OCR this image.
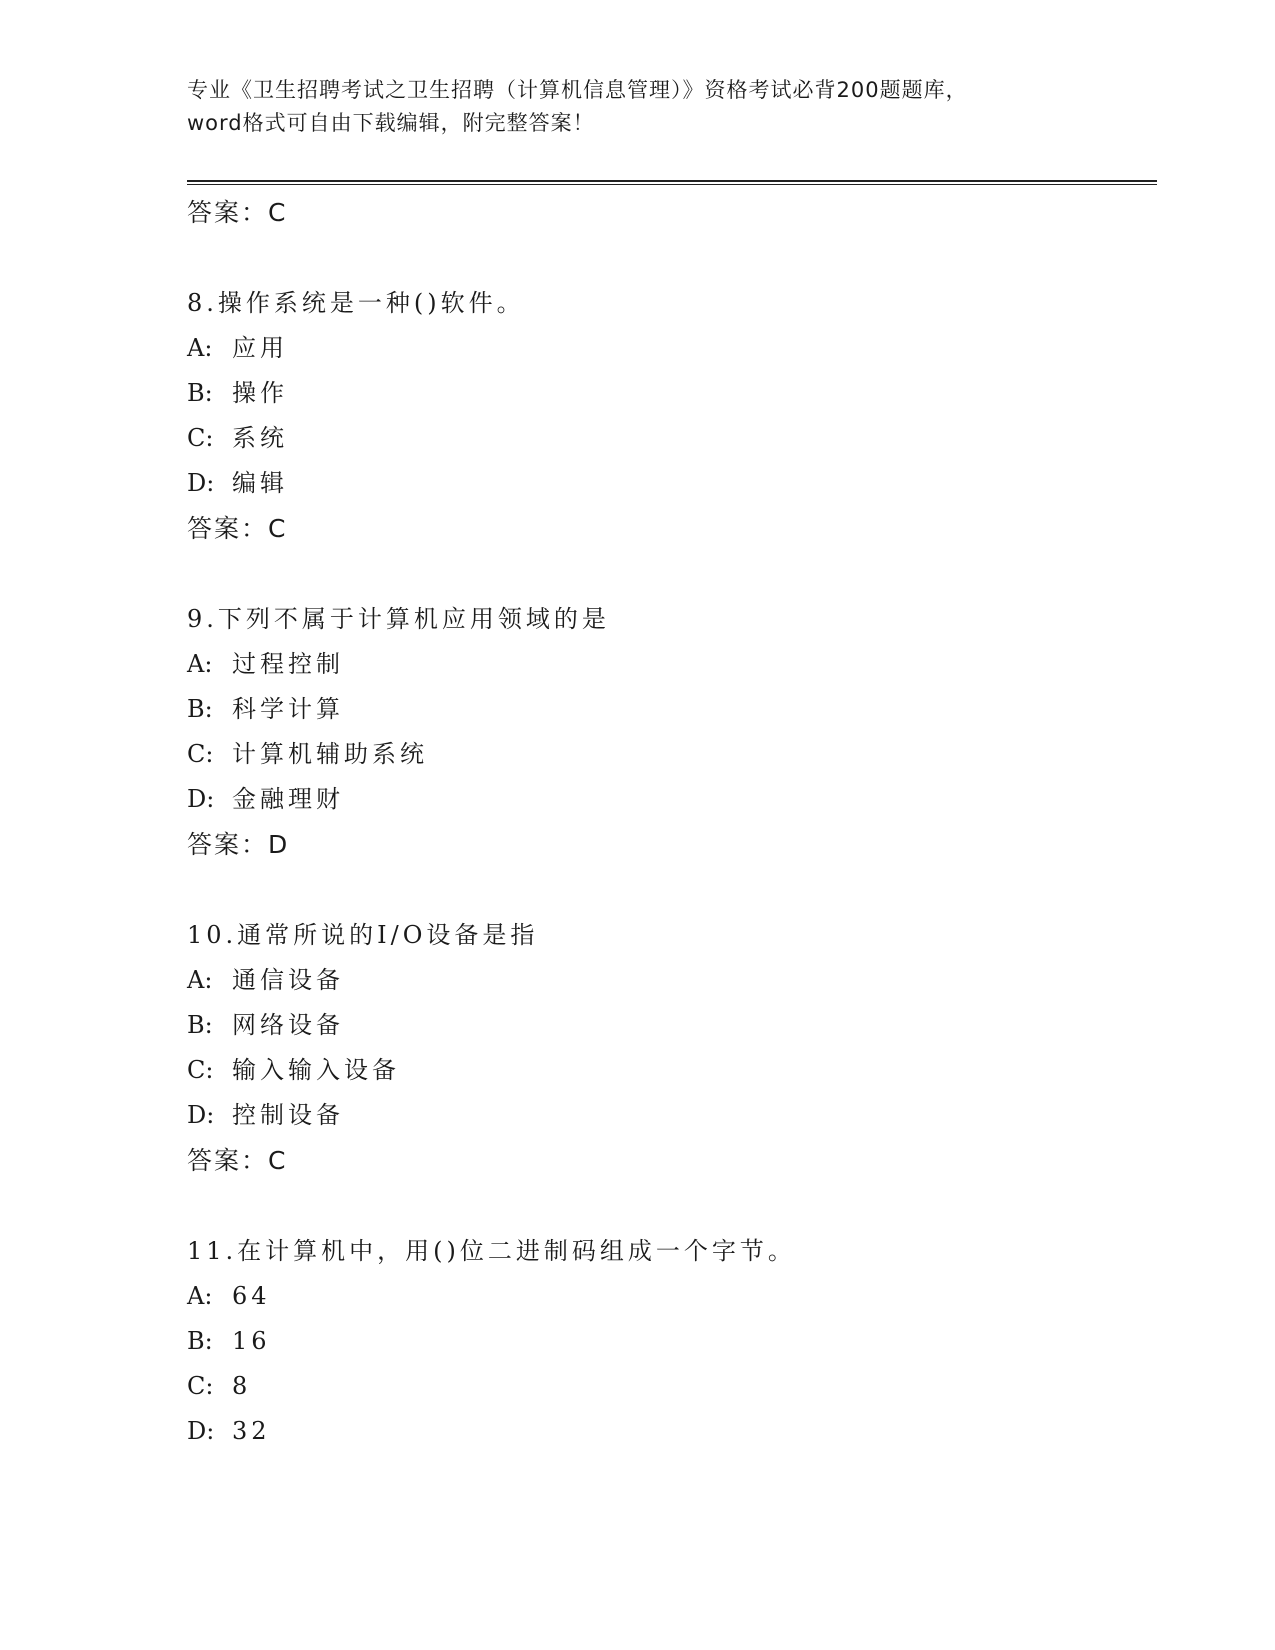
专业《卫生招聘考试之卫生招聘（计算机信息管理）》资格考试必背200题题库，
word格式可自由下载编辑，附完整答案！
答案：C
8.操作系统是一种()软件。
A: 应用
B: 操作
C: 系统
D: 编辑
答案：C
9.下列不属于计算机应用领域的是
A: 过程控制
B: 科学计算
C: 计算机辅助系统
D: 金融理财
答案：D
10.通常所说的I/O设备是指
A: 通信设备
B: 网络设备
C: 输入输入设备
D: 控制设备
答案：C
11.在计算机中，用()位二进制码组成一个字节。
A: 64
B: 16
C: 8
D: 32
